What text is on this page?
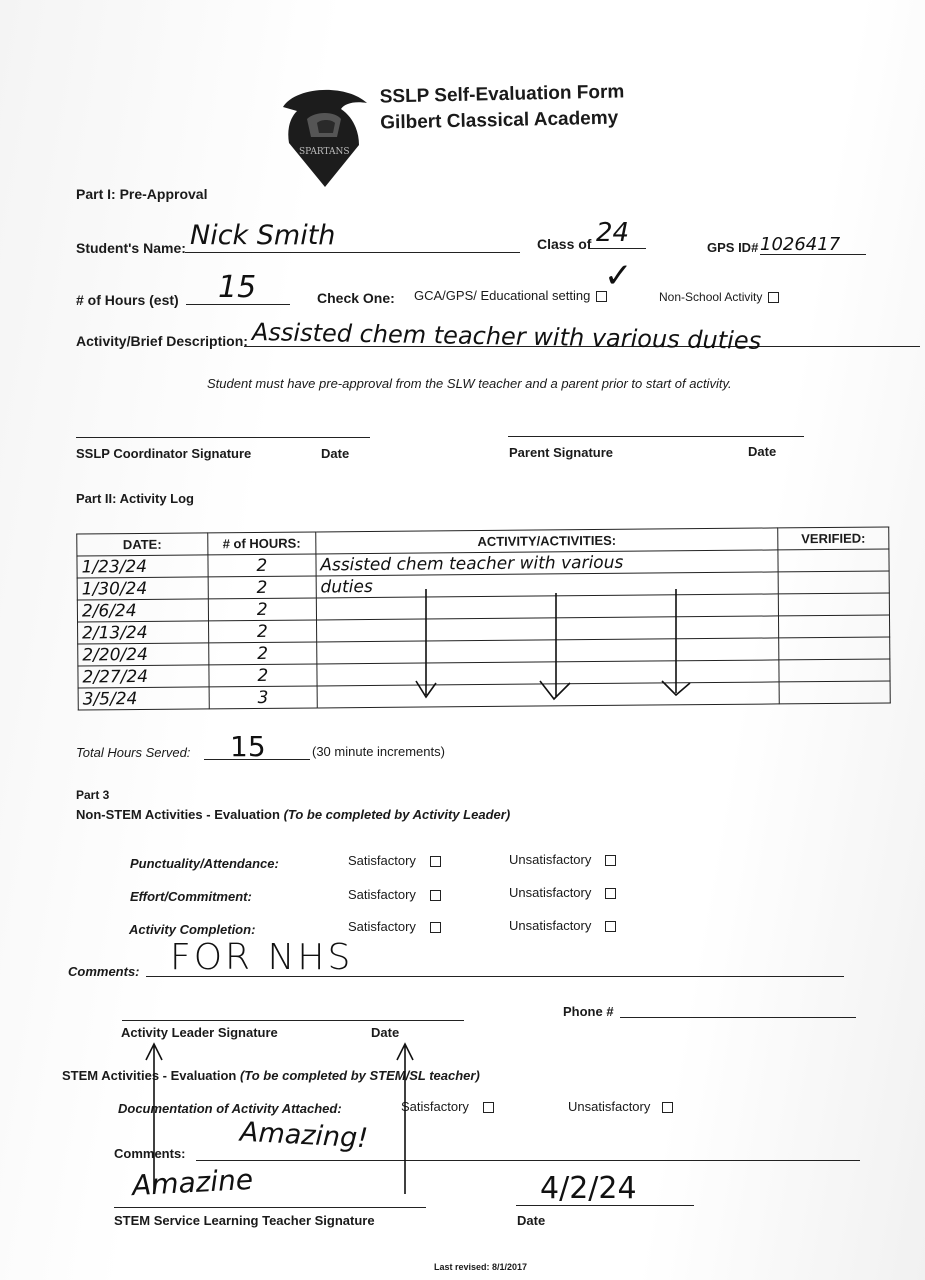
SPARTANS
SSLP Self-Evaluation Form
Gilbert Classical Academy
Part I: Pre-Approval
Student's Name: Nick Smith	Class of 24	GPS ID# 1026417
# of Hours (est) 15	Check One: GCA/GPS/ Educational setting ✓
Non-School Activity
Activity/Brief Description: Assisted chem teacher with various duties
Student must have pre-approval from the SLW teacher and a parent prior to start of activity.
SSLP Coordinator Signature	Date	Parent Signature	Date
Part II: Activity Log
DATE:	# of HOURS:	ACTIVITY/ACTIVITIES:	VERIFIED:
1/23/24	2	Assisted chem teacher with various	
1/30/24	2	duties	
2/6/24	2		
2/13/24	2		
2/20/24	2		
2/27/24	2		
3/5/24	3		
Total Hours Served: 15	(30 minute increments)
Part 3
Non-STEM Activities - Evaluation (To be completed by Activity Leader)
Punctuality/Attendance:	Satisfactory	Unsatisfactory
Effort/Commitment:	Satisfactory	Unsatisfactory
Activity Completion:	Satisfactory	Unsatisfactory
Comments: FOR NHS
Phone #
Activity Leader Signature	Date
STEM Activities - Evaluation (To be completed by STEM/SL teacher)
Documentation of Activity Attached:	Satisfactory	Unsatisfactory
Comments: Amazing!
Amazine
STEM Service Learning Teacher Signature
4/2/24
Date
Last revised: 8/1/2017
